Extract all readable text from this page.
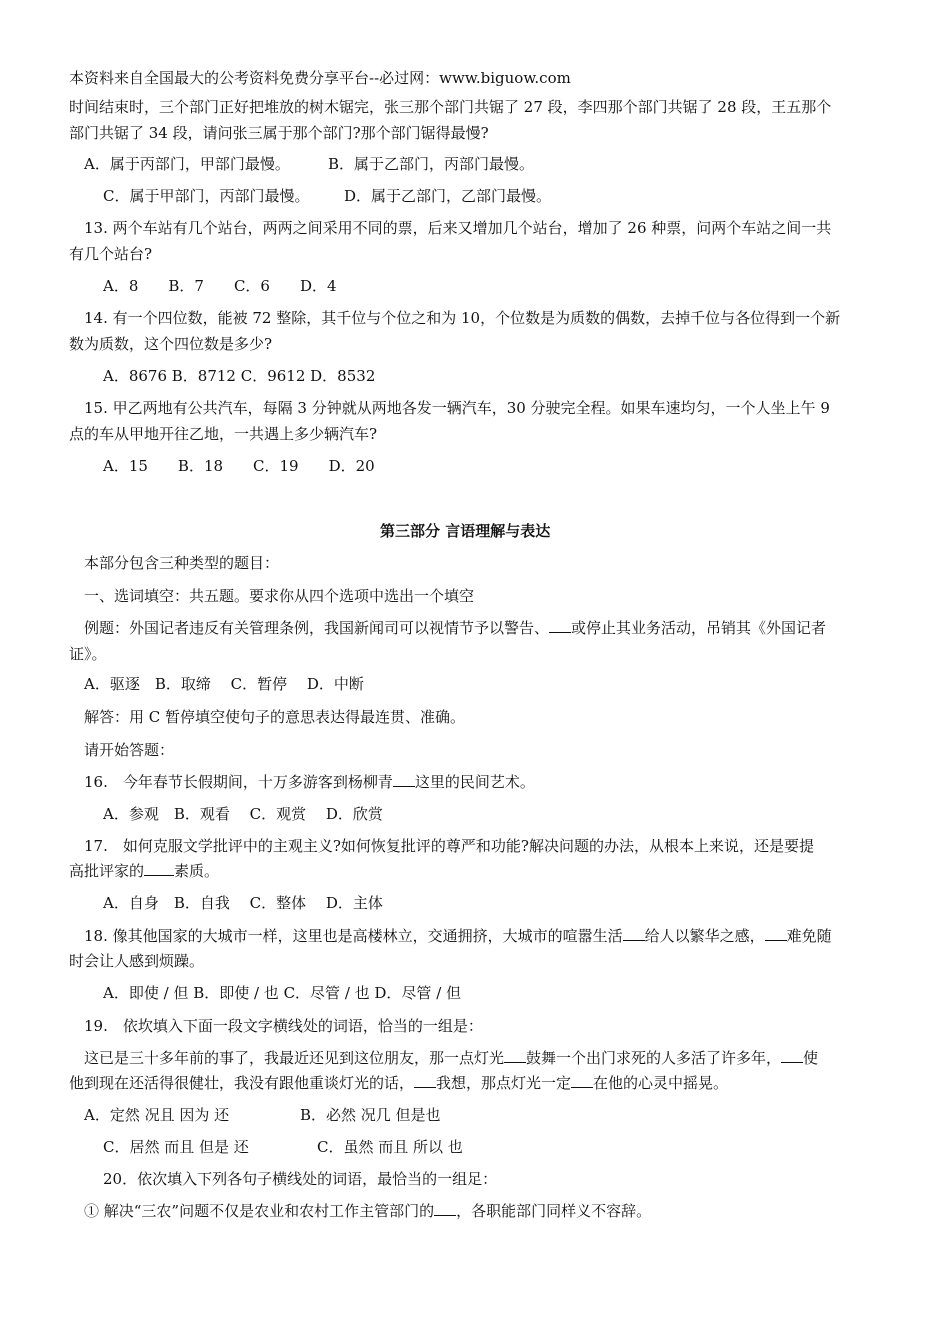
本资料来自全国最大的公考资料免费分享平台--必过网：www.biguow.com
时间结束时，三个部门正好把堆放的树木锯完，张三那个部门共锯了 27 段，李四那个部门共锯了 28 段，王五那个
部门共锯了 34 段，请问张三属于那个部门?那个部门锯得最慢?
A．属于丙部门，甲部门最慢。	B．属于乙部门，丙部门最慢。
C．属于甲部门，丙部门最慢。 D．属于乙部门，乙部门最慢。
13. 两个车站有几个站台，两两之间采用不同的票，后来又增加几个站台，增加了 26 种票，问两个车站之间一共
有几个站台?
A．8　　B．7　　C．6　　D．4
14. 有一个四位数，能被 72 整除，其千位与个位之和为 10，个位数是为质数的偶数，去掉千位与各位得到一个新
数为质数，这个四位数是多少?
A．8676 B．8712 C．9612 D．8532
15. 甲乙两地有公共汽车，每隔 3 分钟就从两地各发一辆汽车，30 分驶完全程。如果车速均匀，一个人坐上午 9
点的车从甲地开往乙地，一共遇上多少辆汽车?
A．15　　B．18　　C．19　　D．20
第三部分 言语理解与表达
本部分包含三种类型的题目：
一、选词填空：共五题。要求你从四个选项中选出一个填空
例题：外国记者违反有关管理条例，我国新闻司可以视情节予以警告、 或停止其业务活动，吊销其《外国记者
证》。
A．驱逐　B．取缔　 C．暂停　 D．中断
解答：用 C 暂停填空使句子的意思表达得最连贯、准确。
请开始答题：
16.　今年春节长假期间，十万多游客到杨柳青 这里的民间艺术。
A．参观　B．观看　 C．观赏　 D．欣赏
17.　如何克服文学批评中的主观主义?如何恢复批评的尊严和功能?解决问题的办法，从根本上来说，还是要提
高批评家的 素质。
A．自身　B．自我　 C．整体　 D．主体
18. 像其他国家的大城市一样，这里也是高楼林立，交通拥挤，大城市的喧嚣生活 给人以繁华之感， 难免随
时会让人感到烦躁。
A．即使 / 但 B．即使 / 也 C．尽管 / 也 D．尽管 / 但
19.　依坎填入下面一段文字横线处的词语，恰当的一组是：
这已是三十多年前的事了，我最近还见到这位朋友，那一点灯光 鼓舞一个出门求死的人多活了许多年， 使
他到现在还活得很健壮，我没有跟他重谈灯光的话， 我想，那点灯光一定 在他的心灵中摇晃。
A．定然 况且 因为 还	B．必然 况几 但是也
C．居然 而且 但是 还	C．虽然 而且 所以 也
20．依次填入下列各句子横线处的词语，最恰当的一组足：
① 解决“三农”问题不仅是农业和农村工作主管部门的 ，各职能部门同样义不容辞。
